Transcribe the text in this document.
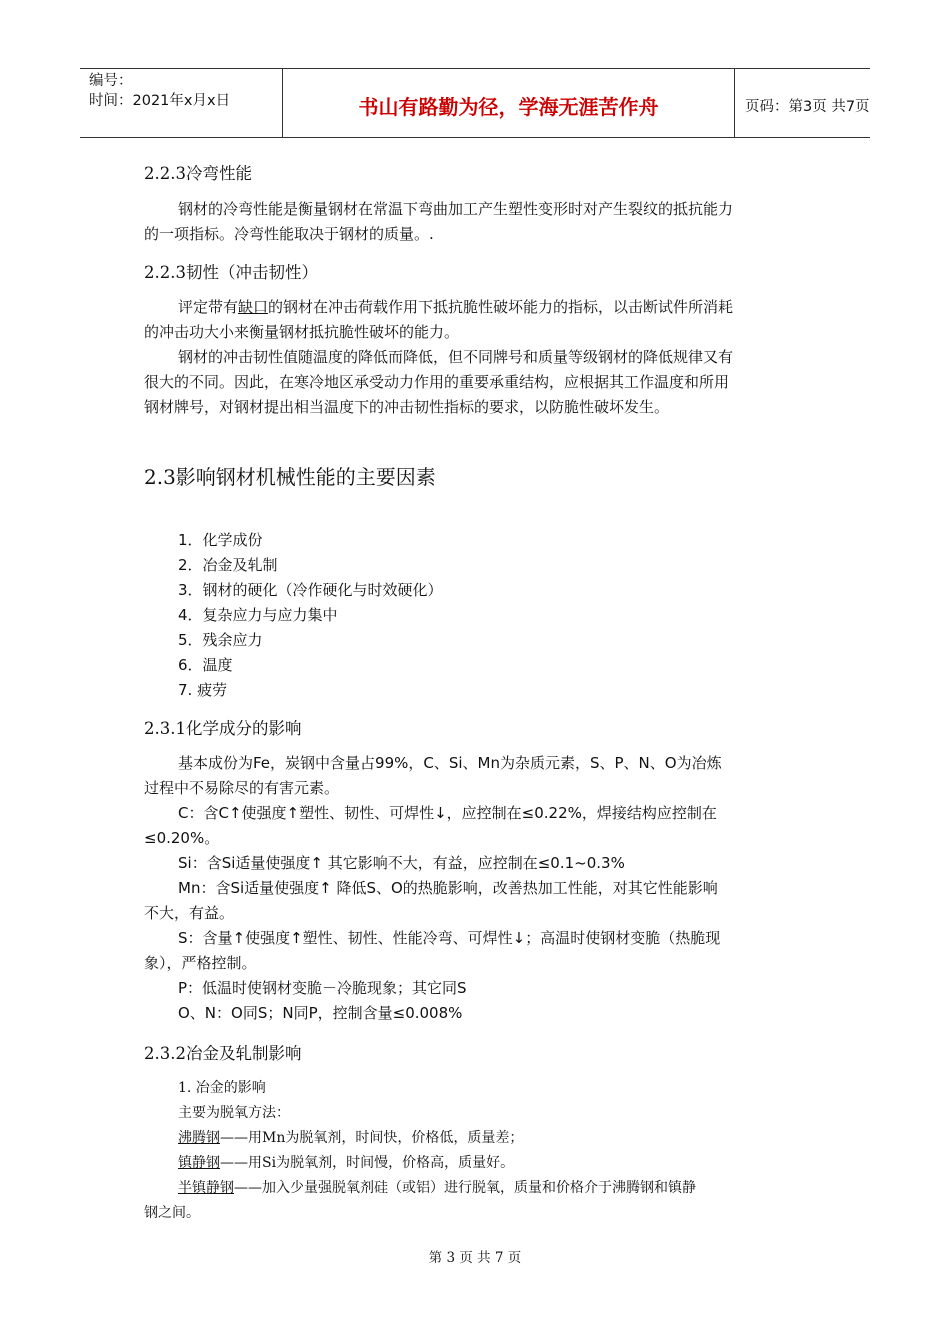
编号：
时间：2021年x月x日	书山有路勤为径，学海无涯苦作舟	页码：第3页 共7页
2.2.3冷弯性能
钢材的冷弯性能是衡量钢材在常温下弯曲加工产生塑性变形时对产生裂纹的抵抗能力
的一项指标。冷弯性能取决于钢材的质量。.
2.2.3韧性（冲击韧性）
评定带有缺口的钢材在冲击荷载作用下抵抗脆性破坏能力的指标，以击断试件所消耗
的冲击功大小来衡量钢材抵抗脆性破坏的能力。
钢材的冲击韧性值随温度的降低而降低，但不同牌号和质量等级钢材的降低规律又有
很大的不同。因此，在寒冷地区承受动力作用的重要承重结构，应根据其工作温度和所用
钢材牌号，对钢材提出相当温度下的冲击韧性指标的要求，以防脆性破坏发生。
2.3影响钢材机械性能的主要因素
1．化学成份
2．冶金及轧制
3．钢材的硬化（冷作硬化与时效硬化）
4．复杂应力与应力集中
5．残余应力
6．温度
7. 疲劳
2.3.1化学成分的影响
基本成份为Fe，炭钢中含量占99%，C、Si、Mn为杂质元素，S、P、N、O为冶炼
过程中不易除尽的有害元素。
C：含C↑使强度↑塑性、韧性、可焊性↓，应控制在≤0.22%，焊接结构应控制在
≤0.20%。
Si：含Si适量使强度↑ 其它影响不大，有益，应控制在≤0.1~0.3%
Mn：含Si适量使强度↑ 降低S、O的热脆影响，改善热加工性能，对其它性能影响
不大，有益。
S：含量↑使强度↑塑性、韧性、性能冷弯、可焊性↓；高温时使钢材变脆（热脆现
象），严格控制。
P：低温时使钢材变脆－冷脆现象；其它同S
O、N：O同S；N同P，控制含量≤0.008%
2.3.2冶金及轧制影响
1. 冶金的影响
主要为脱氧方法：
沸腾钢——用Mn为脱氧剂，时间快，价格低，质量差；
镇静钢——用Si为脱氧剂，时间慢，价格高，质量好。
半镇静钢——加入少量强脱氧剂硅（或铝）进行脱氧，质量和价格介于沸腾钢和镇静
钢之间。
第 3 页 共 7 页
